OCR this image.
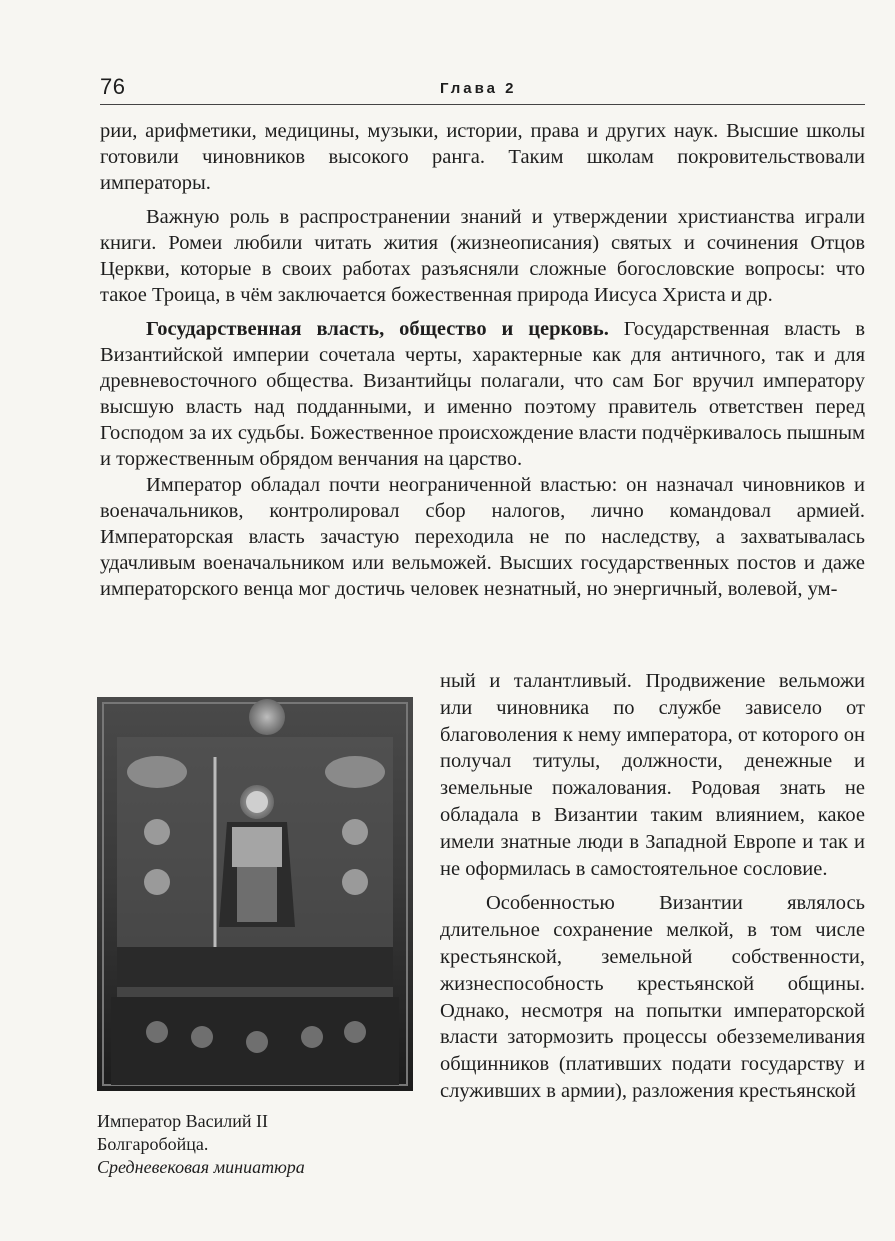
76	Глава 2

рии, арифметики, медицины, музыки, истории, права и других наук. Высшие школы готовили чиновников высокого ранга. Таким школам покровительствовали императоры.

Важную роль в распространении знаний и утверждении христианства играли книги. Ромеи любили читать жития (жизнеописания) святых и сочинения Отцов Церкви, которые в своих работах разъясняли сложные богословские вопросы: что такое Троица, в чём заключается божественная природа Иисуса Христа и др.

Государственная власть, общество и церковь. Государственная власть в Византийской империи сочетала черты, характерные как для античного, так и для древневосточного общества. Византийцы полагали, что сам Бог вручил императору высшую власть над подданными, и именно поэтому правитель ответствен перед Господом за их судьбы. Божественное происхождение власти подчёркивалось пышным и торжественным обрядом венчания на царство.

Император обладал почти неограниченной властью: он назначал чиновников и военачальников, контролировал сбор налогов, лично командовал армией. Императорская власть зачастую переходила не по наследству, а захватывалась удачливым военачальником или вельможей. Высших государственных постов и даже императорского венца мог достичь человек незнатный, но энергичный, волевой, ум-

Император Василий II
Болгаробойца.
Средневековая миниатюра

ный и талантливый. Продвижение вельможи или чиновника по службе зависело от благоволения к нему императора, от которого он получал титулы, должности, денежные и земельные пожалования. Родовая знать не обладала в Византии таким влиянием, какое имели знатные люди в Западной Европе и так и не оформилась в самостоятельное сословие.

Особенностью Византии являлось длительное сохранение мелкой, в том числе крестьянской, земельной собственности, жизнеспособность крестьянской общины. Однако, несмотря на попытки императорской власти затормозить процессы обезземеливания общинников (плативших подати государству и служивших в армии), разложения крестьянской
